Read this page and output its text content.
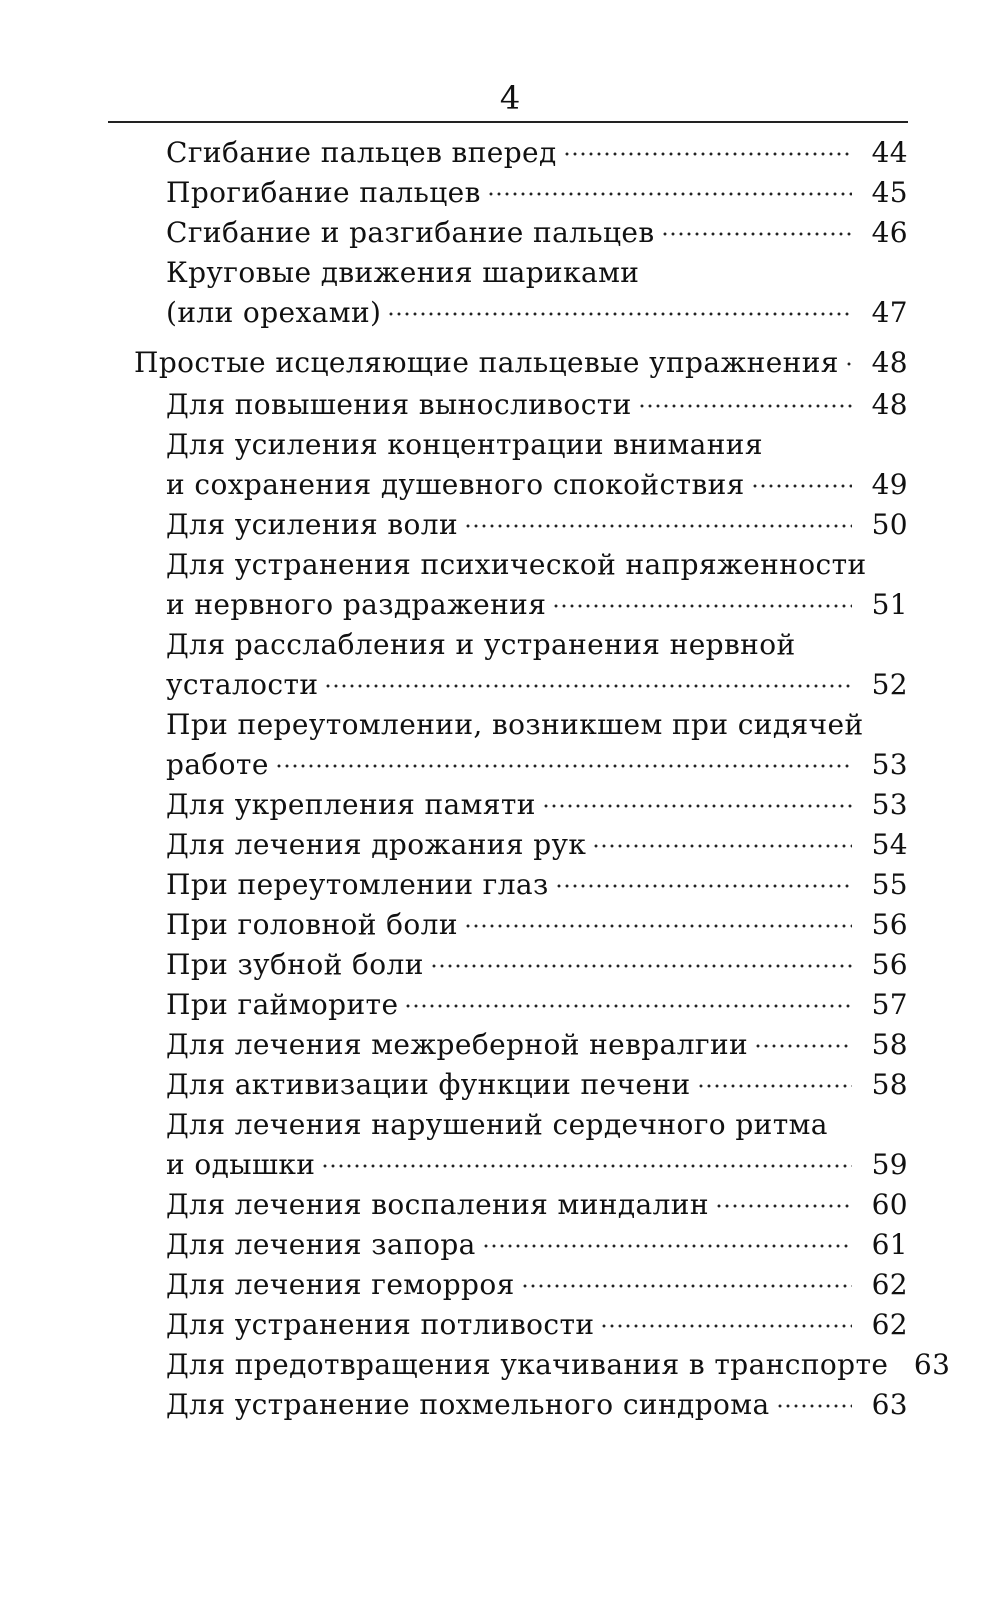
4
Сгибание пальцев вперед	44
Прогибание пальцев	45
Сгибание и разгибание пальцев	46
Круговые движения шариками
(или орехами)	47
Простые исцеляющие пальцевые упражнения	48
Для повышения выносливости	48
Для усиления концентрации внимания
и сохранения душевного спокойствия	49
Для усиления воли	50
Для устранения психической напряженности
и нервного раздражения	51
Для расслабления и устранения нервной
усталости	52
При переутомлении, возникшем при сидячей
работе	53
Для укрепления памяти	53
Для лечения дрожания рук	54
При переутомлении глаз	55
При головной боли	56
При зубной боли	56
При гайморите	57
Для лечения межреберной невралгии	58
Для активизации функции печени	58
Для лечения нарушений сердечного ритма
и одышки	59
Для лечения воспаления миндалин	60
Для лечения запора	61
Для лечения геморроя	62
Для устранения потливости	62
Для предотвращения укачивания в транспорте 63
Для устранение похмельного синдрома	63
